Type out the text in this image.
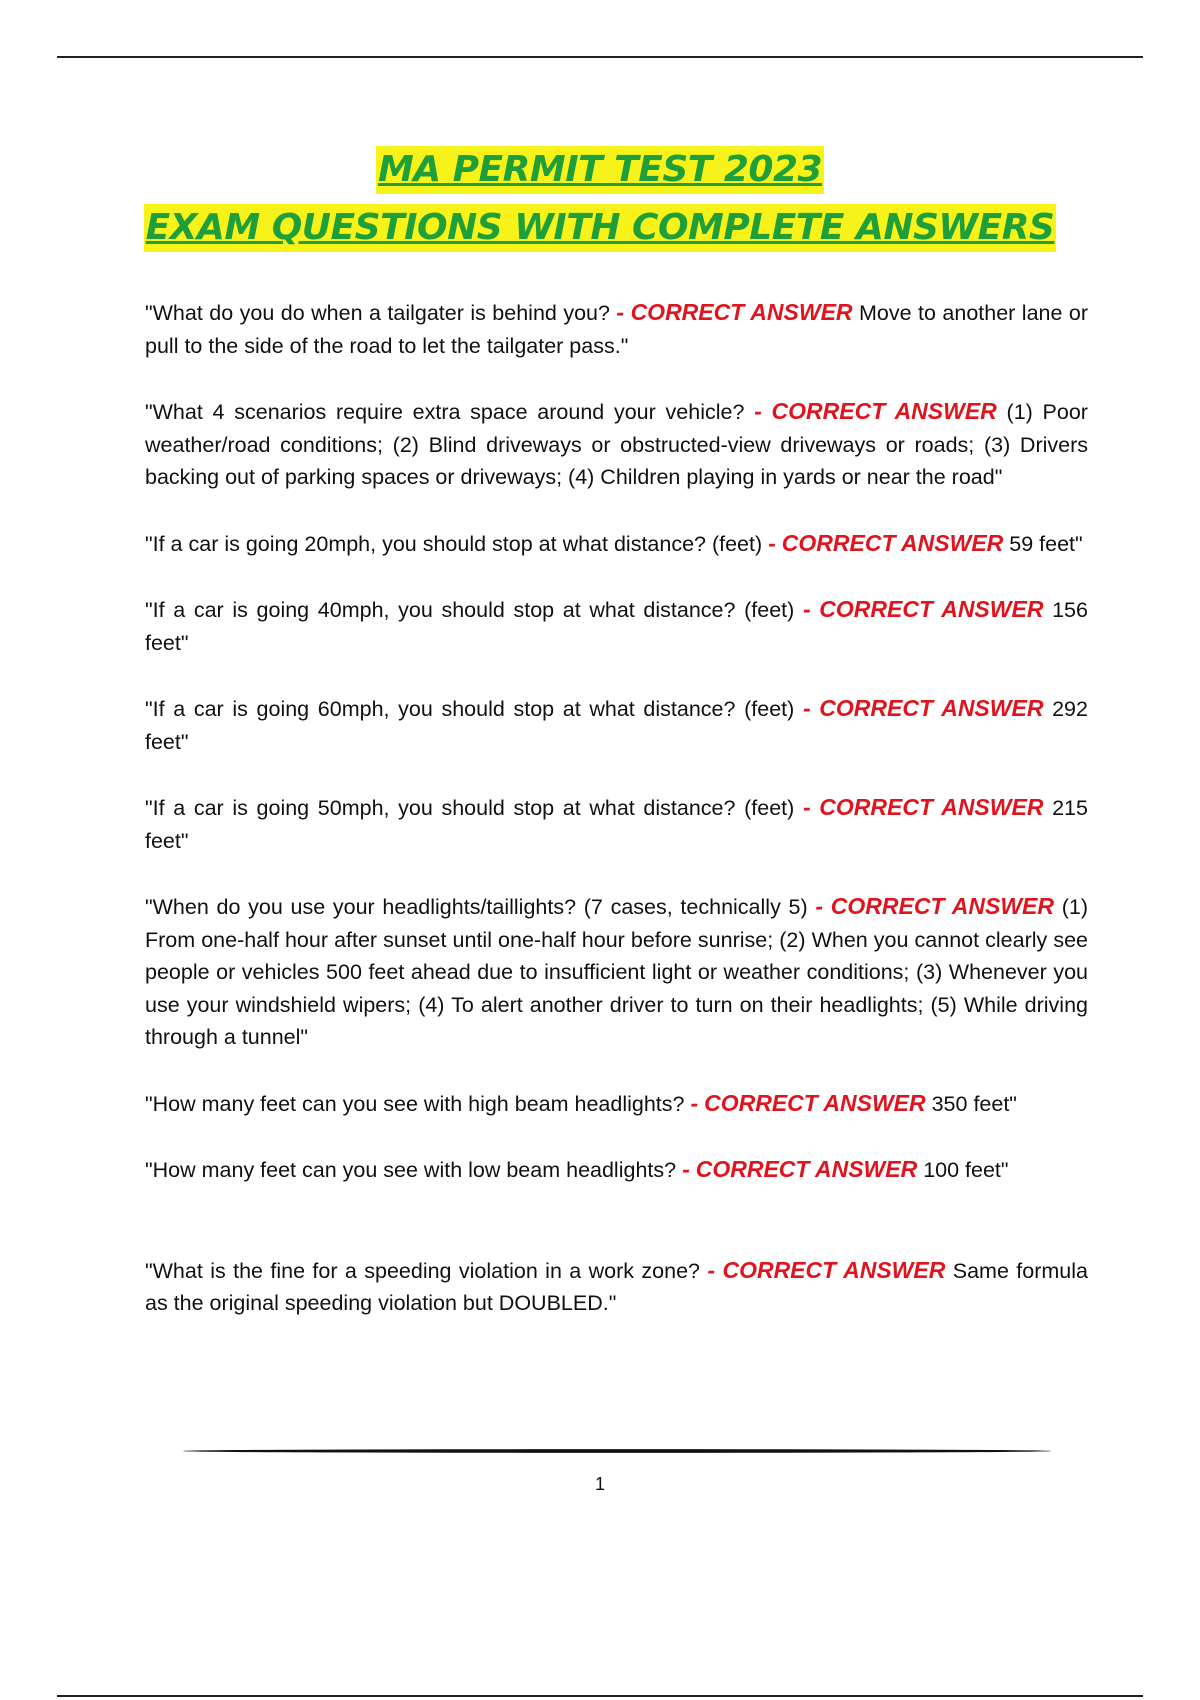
MA PERMIT TEST 2023
EXAM QUESTIONS WITH COMPLETE ANSWERS
"What do you do when a tailgater is behind you? - CORRECT ANSWER Move to another lane or pull to the side of the road to let the tailgater pass."
"What 4 scenarios require extra space around your vehicle? - CORRECT ANSWER (1) Poor weather/road conditions; (2) Blind driveways or obstructed-view driveways or roads; (3) Drivers backing out of parking spaces or driveways; (4) Children playing in yards or near the road"
"If a car is going 20mph, you should stop at what distance? (feet) - CORRECT ANSWER 59 feet"
"If a car is going 40mph, you should stop at what distance? (feet) - CORRECT ANSWER 156 feet"
"If a car is going 60mph, you should stop at what distance? (feet) - CORRECT ANSWER 292 feet"
"If a car is going 50mph, you should stop at what distance? (feet) - CORRECT ANSWER 215 feet"
"When do you use your headlights/taillights? (7 cases, technically 5) - CORRECT ANSWER (1) From one-half hour after sunset until one-half hour before sunrise; (2) When you cannot clearly see people or vehicles 500 feet ahead due to insufficient light or weather conditions; (3) Whenever you use your windshield wipers; (4) To alert another driver to turn on their headlights; (5) While driving through a tunnel"
"How many feet can you see with high beam headlights? - CORRECT ANSWER 350 feet"
"How many feet can you see with low beam headlights? - CORRECT ANSWER 100 feet"
"What is the fine for a speeding violation in a work zone? - CORRECT ANSWER Same formula as the original speeding violation but DOUBLED."
1
